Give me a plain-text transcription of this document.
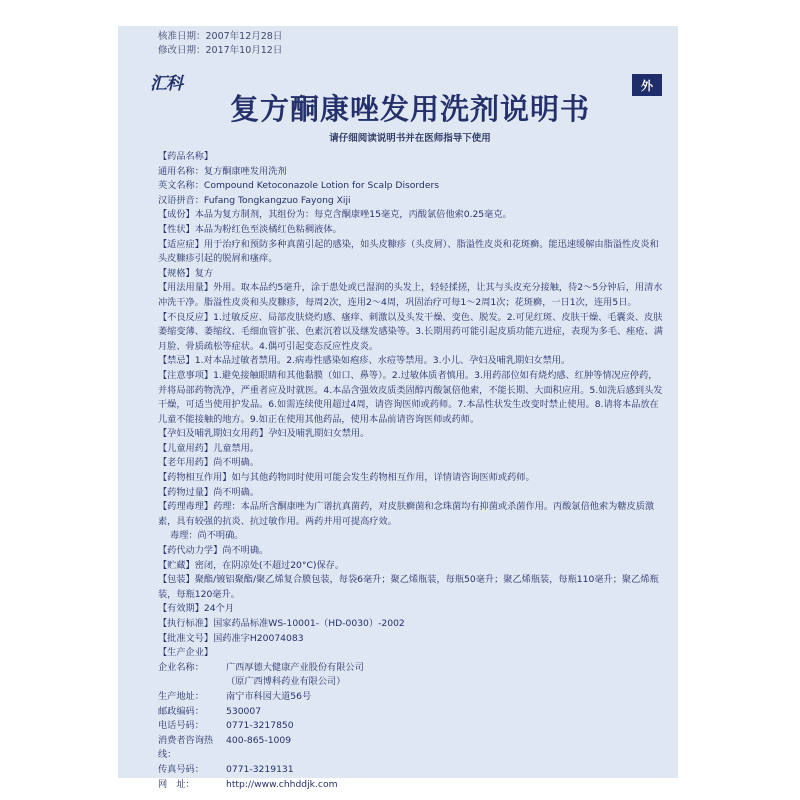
核准日期：2007年12月28日
修改日期：2017年10月12日
汇科	外
复方酮康唑发用洗剂说明书
请仔细阅读说明书并在医师指导下使用
【药品名称】
通用名称：复方酮康唑发用洗剂
英文名称：Compound Ketoconazole Lotion for Scalp Disorders
汉语拼音：Fufang Tongkangzuo Fayong Xiji
【成份】本品为复方制剂，其组份为：每克含酮康唑15毫克，丙酸氯倍他索0.25毫克。
【性状】本品为粉红色至淡橘红色粘稠液体。
【适应症】用于治疗和预防多种真菌引起的感染，如头皮糠疹（头皮屑）、脂溢性皮炎和花斑癣。能迅速缓解由脂溢性皮炎和头皮糠疹引起的脱屑和瘙痒。
【规格】复方
【用法用量】外用。取本品约5毫升，涂于患处或已湿润的头发上，轻轻揉搓，让其与头皮充分接触，待2～5分钟后，用清水冲洗干净。脂溢性皮炎和头皮糠疹，每周2次，连用2～4周，巩固治疗可每1～2周1次；花斑癣，一日1次，连用5日。
【不良反应】1.过敏反应、局部皮肤烧灼感、瘙痒、刺激以及头发干燥、变色、脱发。2.可见红斑、皮肤干燥、毛囊炎、皮肤萎缩变薄、萎缩纹、毛细血管扩张、色素沉着以及继发感染等。3.长期用药可能引起皮质功能亢进症，表现为多毛、痤疮、满月脸、骨质疏松等症状。4.偶可引起变态反应性皮炎。
【禁忌】1.对本品过敏者禁用。2.病毒性感染如疱疹、水痘等禁用。3.小儿、孕妇及哺乳期妇女禁用。
【注意事项】1.避免接触眼睛和其他黏膜（如口、鼻等）。2.过敏体质者慎用。3.用药部位如有烧灼感、红肿等情况应停药，并将局部药物洗净，严重者应及时就医。4.本品含强效皮质类固醇丙酸氯倍他索，不能长期、大面积应用。5.如洗后感到头发干燥，可适当使用护发品。6.如需连续使用超过4周，请咨询医师或药师。7.本品性状发生改变时禁止使用。8.请将本品放在儿童不能接触的地方。9.如正在使用其他药品，使用本品前请咨询医师或药师。
【孕妇及哺乳期妇女用药】孕妇及哺乳期妇女禁用。
【儿童用药】儿童禁用。
【老年用药】尚不明确。
【药物相互作用】如与其他药物同时使用可能会发生药物相互作用，详情请咨询医师或药师。
【药物过量】尚不明确。
【药理毒理】药理：本品所含酮康唑为广谱抗真菌药，对皮肤癣菌和念珠菌均有抑菌或杀菌作用。丙酸氯倍他索为糖皮质激素，具有较强的抗炎、抗过敏作用。两药并用可提高疗效。
毒理：尚不明确。
【药代动力学】尚不明确。
【贮藏】密闭，在阴凉处(不超过20°C)保存。
【包装】聚酯/镀铝聚酯/聚乙烯复合膜包装，每袋6毫升；聚乙烯瓶装，每瓶50毫升；聚乙烯瓶装，每瓶110毫升；聚乙烯瓶装，每瓶120毫升。
【有效期】24个月
【执行标准】国家药品标准WS-10001-（HD-0030）-2002
【批准文号】国药准字H20074083
【生产企业】
企业名称：	广西厚德大健康产业股份有限公司
（原广西博科药业有限公司）
生产地址：	南宁市科园大道56号
邮政编码：	530007
电话号码：	0771-3217850
消费者咨询热线：
400-865-1009
传真号码：	0771-3219131
网　址：	http://www.chhddjk.com
